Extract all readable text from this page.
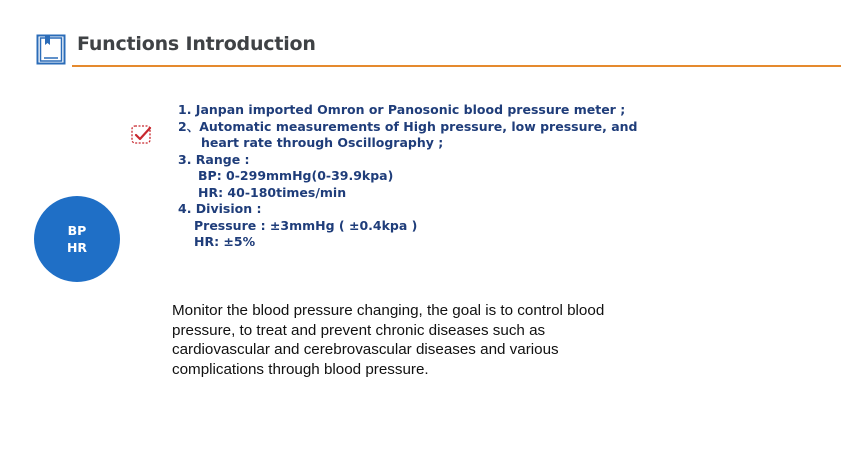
Functions Introduction
1. Janpan imported Omron or Panosonic blood pressure meter ;
2、Automatic measurements of High pressure, low pressure, and
heart rate through Oscillography ;
3. Range :
BP: 0-299mmHg(0-39.9kpa)
HR: 40-180times/min
4. Division :
Pressure : ±3mmHg ( ±0.4kpa )
HR: ±5%
BP
HR

Monitor the blood pressure changing, the goal is to control blood pressure, to treat and prevent chronic diseases such as cardiovascular and cerebrovascular diseases and various complications through blood pressure.
